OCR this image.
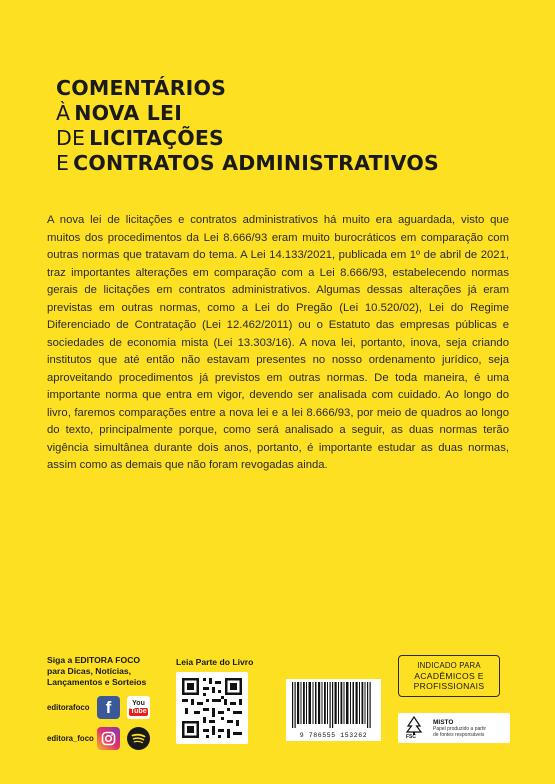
COMENTÁRIOS
À NOVA LEI
DE LICITAÇÕES
E CONTRATOS ADMINISTRATIVOS
A nova lei de licitações e contratos administrativos há muito era aguardada, visto que muitos dos procedimentos da Lei 8.666/93 eram muito burocráticos em comparação com outras normas que tratavam do tema. A Lei 14.133/2021, publicada em 1º de abril de 2021, traz importantes alterações em comparação com a Lei 8.666/93, estabelecendo normas gerais de licitações em contratos administrativos. Algumas dessas alterações já eram previstas em outras normas, como a Lei do Pregão (Lei 10.520/02), Lei do Regime Diferenciado de Contratação (Lei 12.462/2011) ou o Estatuto das empresas públicas e sociedades de economia mista (Lei 13.303/16). A nova lei, portanto, inova, seja criando institutos que até então não estavam presentes no nosso ordenamento jurídico, seja aproveitando procedimentos já previstos em outras normas. De toda maneira, é uma importante norma que entra em vigor, devendo ser analisada com cuidado. Ao longo do livro, faremos comparações entre a nova lei e a lei 8.666/93, por meio de quadros ao longo do texto, principalmente porque, como será analisado a seguir, as duas normas terão vigência simultânea durante dois anos, portanto, é importante estudar as duas normas, assim como as demais que não foram revogadas ainda.
Siga a EDITORA FOCO
para Dicas, Notícias,
Lançamentos e Sorteios
editorafoco f	You
Tube
editora_foco
Leia Parte do Livro
9 786555 153262
INDICADO PARA
ACADÊMICOS E
PROFISSIONAIS
FSC
MISTO
Papel produzido a partir
de fontes responsáveis
